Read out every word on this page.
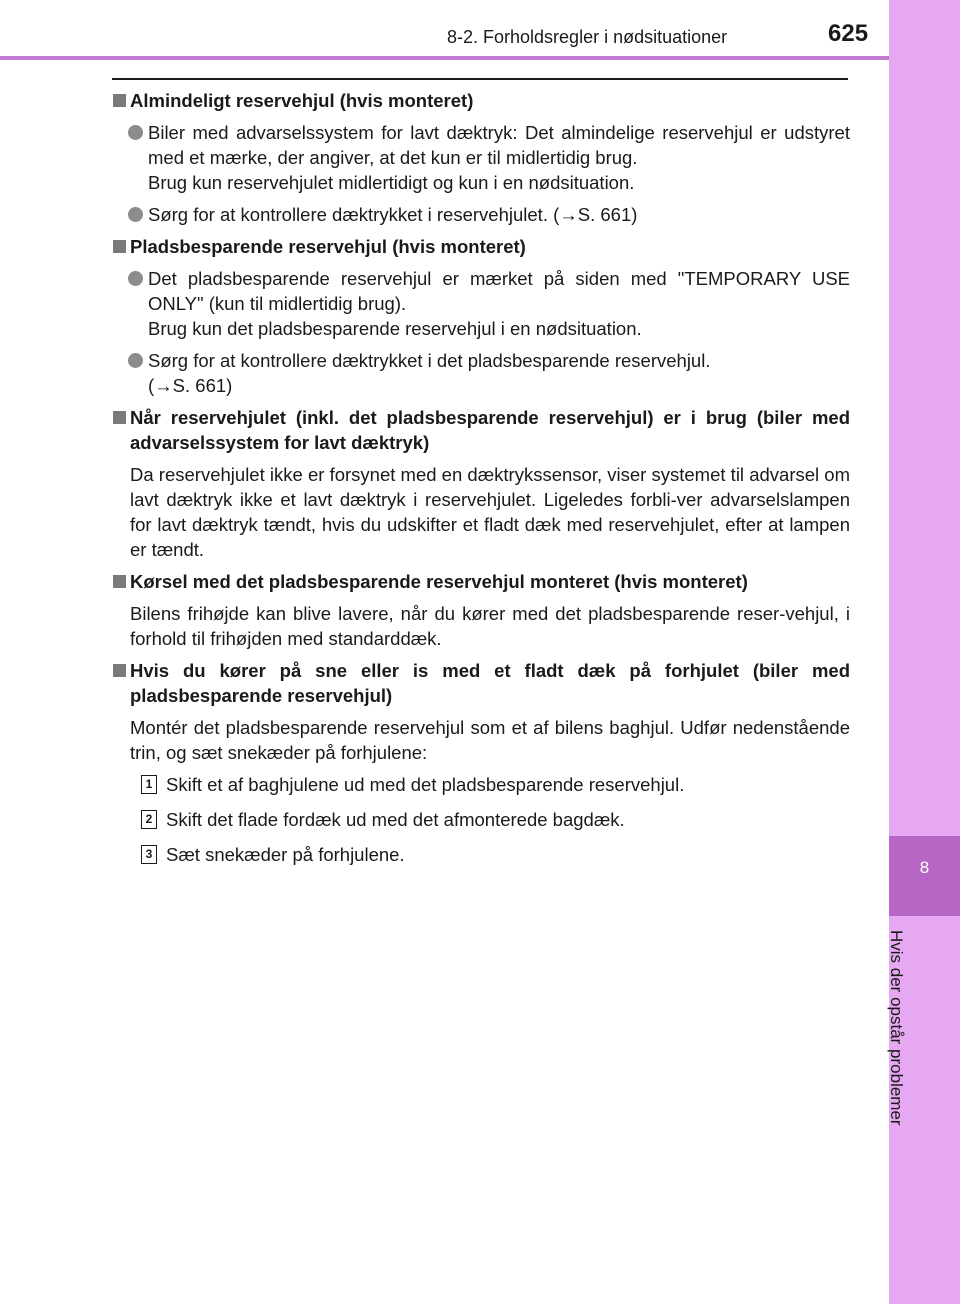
8
Hvis der opstår problemer
8-2. Forholdsregler i nødsituationer	625
Almindeligt reservehjul (hvis monteret)
Biler med advarselssystem for lavt dæktryk: Det almindelige reservehjul er udstyret med et mærke, der angiver, at det kun er til midlertidig brug.
Brug kun reservehjulet midlertidigt og kun i en nødsituation.
Sørg for at kontrollere dæktrykket i reservehjulet. (→S. 661)
Pladsbesparende reservehjul (hvis monteret)
Det pladsbesparende reservehjul er mærket på siden med "TEMPORARY USE ONLY" (kun til midlertidig brug).
Brug kun det pladsbesparende reservehjul i en nødsituation.
Sørg for at kontrollere dæktrykket i det pladsbesparende reservehjul.
(→S. 661)
Når reservehjulet (inkl. det pladsbesparende reservehjul) er i brug (biler med advarselssystem for lavt dæktryk)
Da reservehjulet ikke er forsynet med en dæktrykssensor, viser systemet til advarsel om lavt dæktryk ikke et lavt dæktryk i reservehjulet. Ligeledes forbli-ver advarselslampen for lavt dæktryk tændt, hvis du udskifter et fladt dæk med reservehjulet, efter at lampen er tændt.
Kørsel med det pladsbesparende reservehjul monteret (hvis monteret)
Bilens frihøjde kan blive lavere, når du kører med det pladsbesparende reser-vehjul, i forhold til frihøjden med standarddæk.
Hvis du kører på sne eller is med et fladt dæk på forhjulet (biler med pladsbesparende reservehjul)
Montér det pladsbesparende reservehjul som et af bilens baghjul. Udfør nedenstående trin, og sæt snekæder på forhjulene:
1 Skift et af baghjulene ud med det pladsbesparende reservehjul.
2 Skift det flade fordæk ud med det afmonterede bagdæk.
3 Sæt snekæder på forhjulene.
